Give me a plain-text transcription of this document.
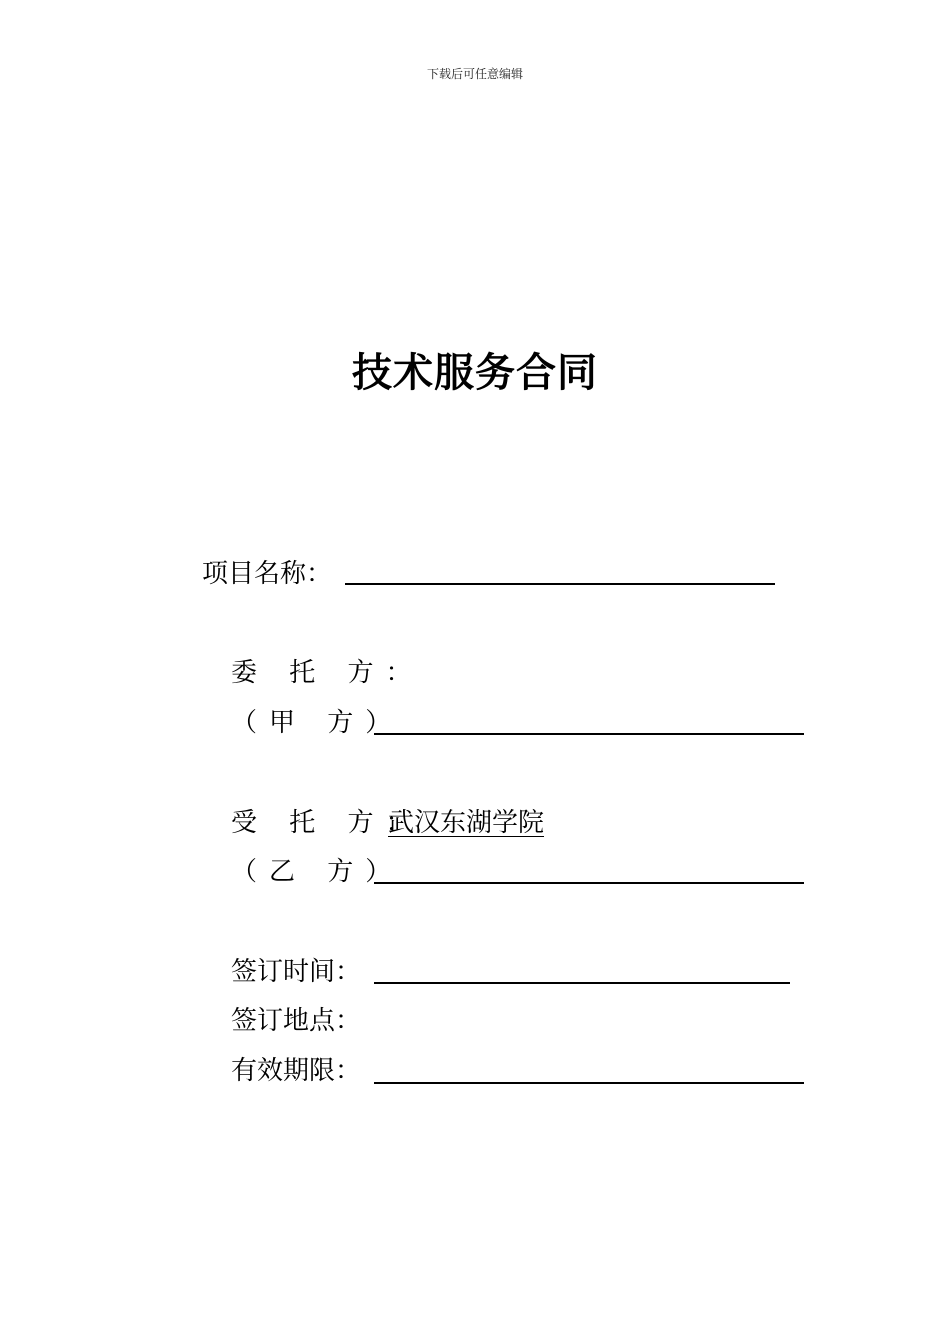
下载后可任意编辑
技术服务合同
项目名称：
委 托 方：
（甲 方）
受 托 方：
武汉东湖学院
（乙 方）
签订时间：
签订地点：
有效期限：
